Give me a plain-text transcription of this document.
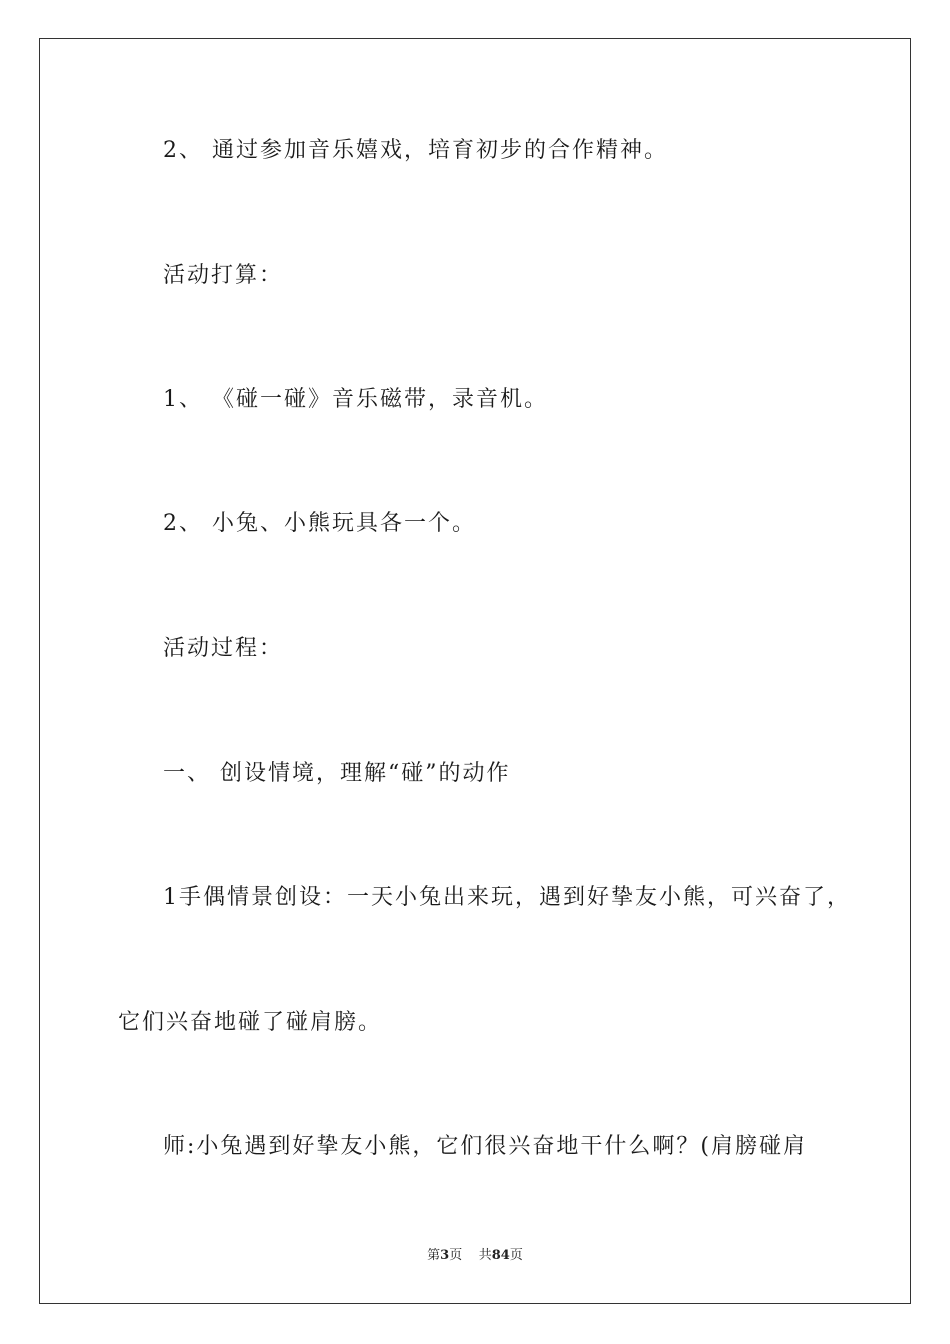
2、 通过参加音乐嬉戏，培育初步的合作精神。
活动打算：
1、 《碰一碰》音乐磁带，录音机。
2、 小兔、小熊玩具各一个。
活动过程：
一、 创设情境，理解“碰”的动作
1手偶情景创设：一天小兔出来玩，遇到好挚友小熊，可兴奋了，
它们兴奋地碰了碰肩膀。
师:小兔遇到好挚友小熊，它们很兴奋地干什么啊？(肩膀碰肩
第3页 共84页
